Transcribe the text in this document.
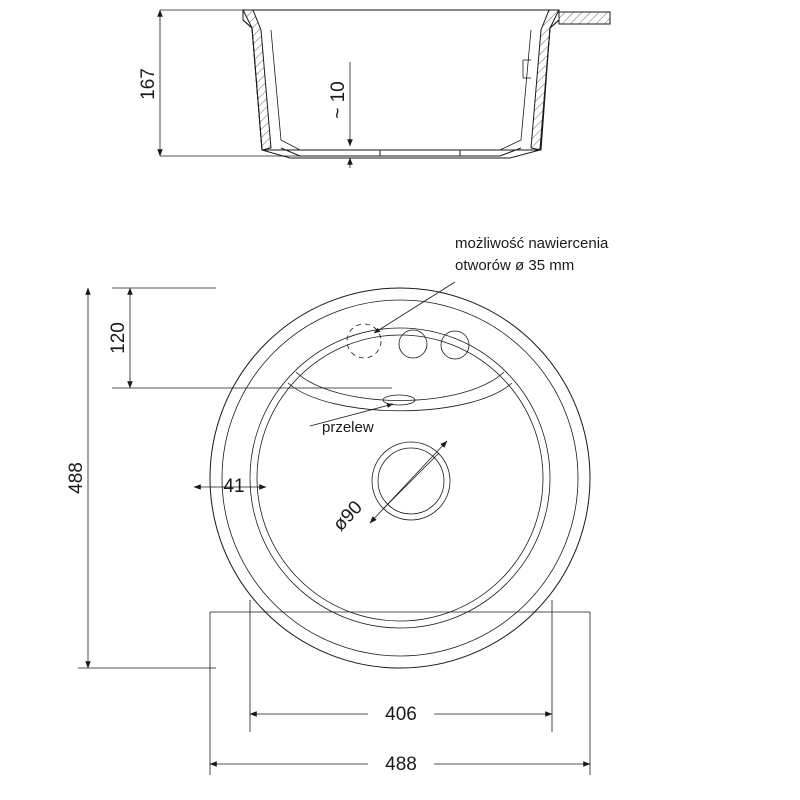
167	~ 10
przelew
możliwość nawiercenia
otworów ø 35 mm
ø90
41
120
488
406
488
